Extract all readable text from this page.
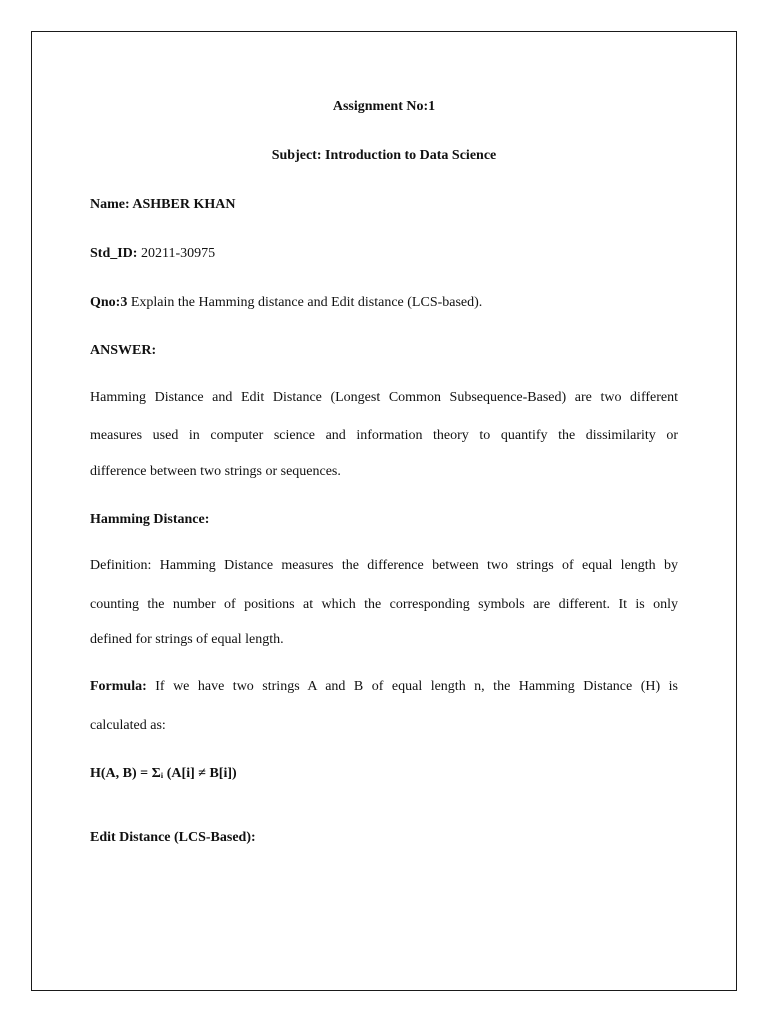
Assignment No:1
Subject: Introduction to Data Science
Name: ASHBER KHAN
Std_ID: 20211-30975
Qno:3 Explain the Hamming distance and Edit distance (LCS-based).
ANSWER:
Hamming Distance and Edit Distance (Longest Common Subsequence-Based) are two different
measures used in computer science and information theory to quantify the dissimilarity or
difference between two strings or sequences.
Hamming Distance:
Definition: Hamming Distance measures the difference between two strings of equal length by
counting the number of positions at which the corresponding symbols are different. It is only
defined for strings of equal length.
Formula: If we have two strings A and B of equal length n, the Hamming Distance (H) is
calculated as:
H(A, B) = Σᵢ (A[i] ≠ B[i])
Edit Distance (LCS-Based):
